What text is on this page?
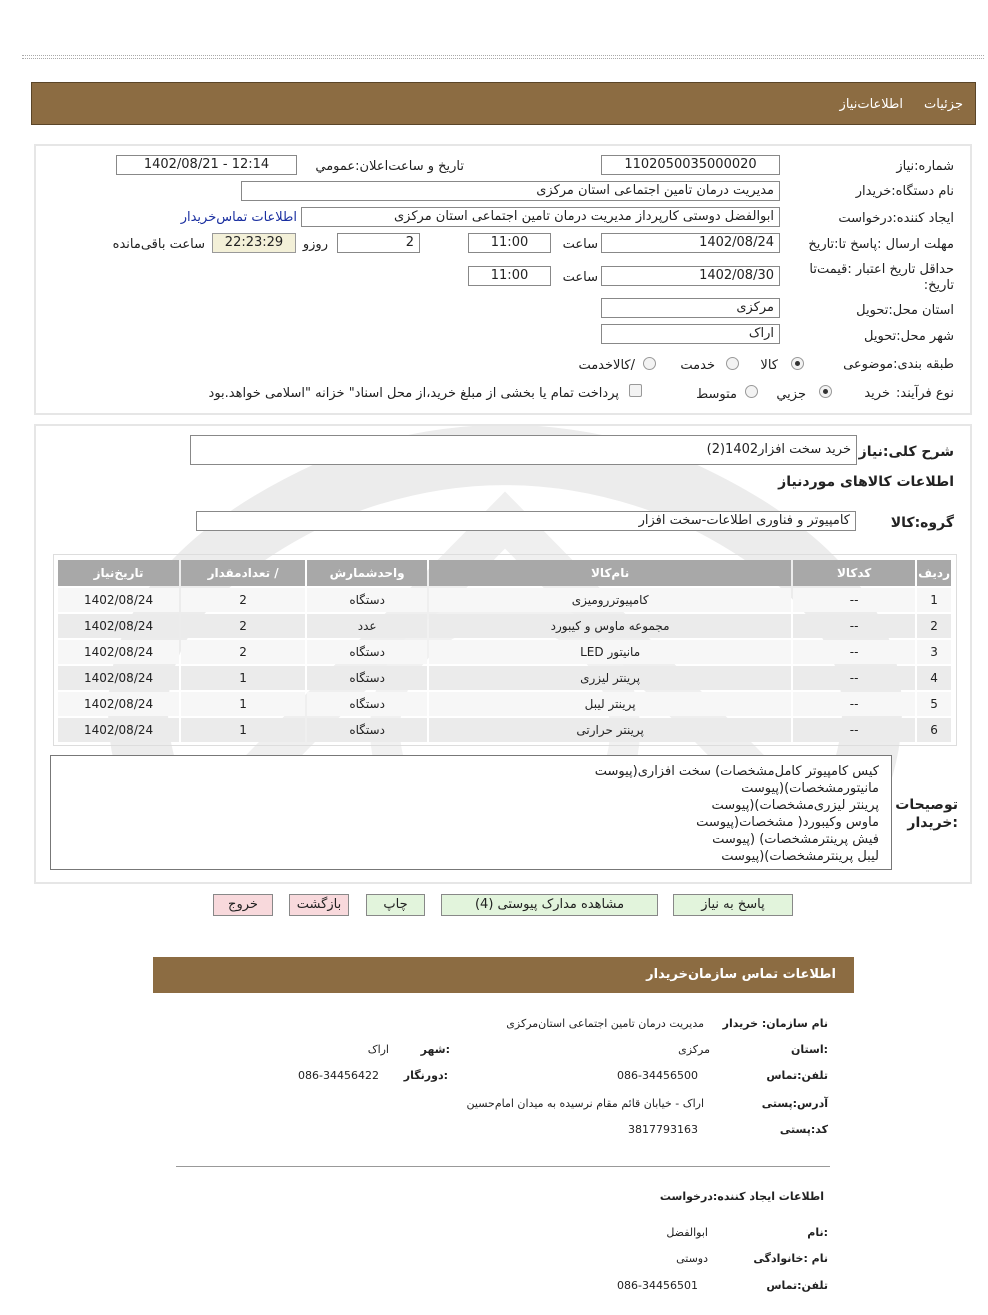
جزئیات
اطلاعات‌نیاز
شماره:نیاز
1102050035000020
تاریخ و ساعت‌اعلان:عمومي
1402/08/21 - 12:14
نام دستگاه:خریدار
مدیریت درمان تامین اجتماعی استان مرکزی
ایجاد کننده:درخواست
ابوالفضل دوستی کارپرداز مدیریت درمان تامین اجتماعی استان مرکزی
اطلاعات تماس‌خریدار
مهلت ارسال :پاسخ تا:تاریخ
1402/08/24
ساعت
11:00
2
روزو
22:23:29
ساعت باقی‌مانده
حداقل تاریخ اعتبار :قیمت‌تا
تاریخ:
1402/08/30
ساعت
11:00
استان محل:تحویل
مرکزی
شهر محل:تحویل
اراک
طبقه بندی:موضوعی
کالا
خدمت
/کالاخدمت
نوع فرآیند:
خرید
جزیي
متوسط
پرداخت تمام یا بخشی از مبلغ خرید،از محل اسناد" خزانه "اسلامی خواهد.بود
شرح کلی:نیاز
خرید سخت افزار1402(2)
اطلاعات کالاهای موردنیاز
گروه:کالا
کامپیوتر و فناوری اطلاعات-سخت افزار
ردیف	کدکالا	نام‌کالا	واحدشمارش	/ تعدادمقدار	تاریخ‌نیاز
1	--	کامپیوتررومیزی	دستگاه	2	1402/08/24
2	--	مجموعه ماوس و کیبورد	عدد	2	1402/08/24
3	--	مانیتور LED	دستگاه	2	1402/08/24
4	--	پرینتر لیزری	دستگاه	1	1402/08/24
5	--	پرینتر لیبل	دستگاه	1	1402/08/24
6	--	پرینتر حرارتی	دستگاه	1	1402/08/24
توصیحات
:خریدار
کیس کامپیوتر کامل‌مشخصات) سخت افزاری(پیوست
مانیتورمشخصات)(پیوست
پرینتر لیزری‌مشخصات)(پیوست
ماوس وکیبورد( مشخصات(پیوست
فیش پرینترمشخصات) (پیوست
لیبل پرینترمشخصات)(پیوست
پاسخ به نیاز
مشاهده مدارک پیوستی (4)
چاپ
بازگشت
خروج
اطلاعات تماس سازمان‌خریدار
نام سازمان: خریدار
مدیریت درمان تامین اجتماعی استان‌مرکزی
:استان
مرکزی
:شهر
اراک
تلفن:تماس
086-34456500
:دورنگار
086-34456422
آدرس:پستی
اراک - خیابان قائم مقام نرسیده به میدان امام‌حسین
کد:پستی
3817793163
اطلاعات ایجاد کننده:درخواست
:نام
ابوالفضل
نام :خانوادگی
دوستی
تلفن:تماس
086-34456501
